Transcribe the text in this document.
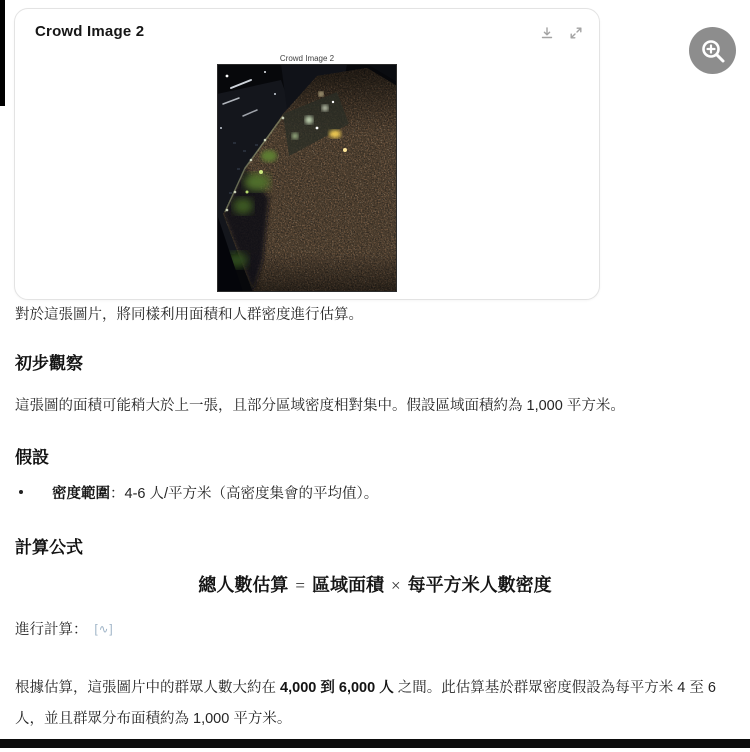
Crowd Image 2
Crowd Image 2
對於這張圖片，將同樣利用面積和人群密度進行估算。
初步觀察
這張圖的面積可能稍大於上一張，且部分區域密度相對集中。假設區域面積約為 1,000 平方米。
假設
密度範圍：4-6 人/平方米（高密度集會的平均值）。
計算公式
總人數估算 = 區域面積 × 每平方米人數密度
進行計算： [∿]
根據估算，這張圖片中的群眾人數大約在 4,000 到 6,000 人 之間。此估算基於群眾密度假設為每平方米 4 至 6 人，並且群眾分布面積約為 1,000 平方米。
